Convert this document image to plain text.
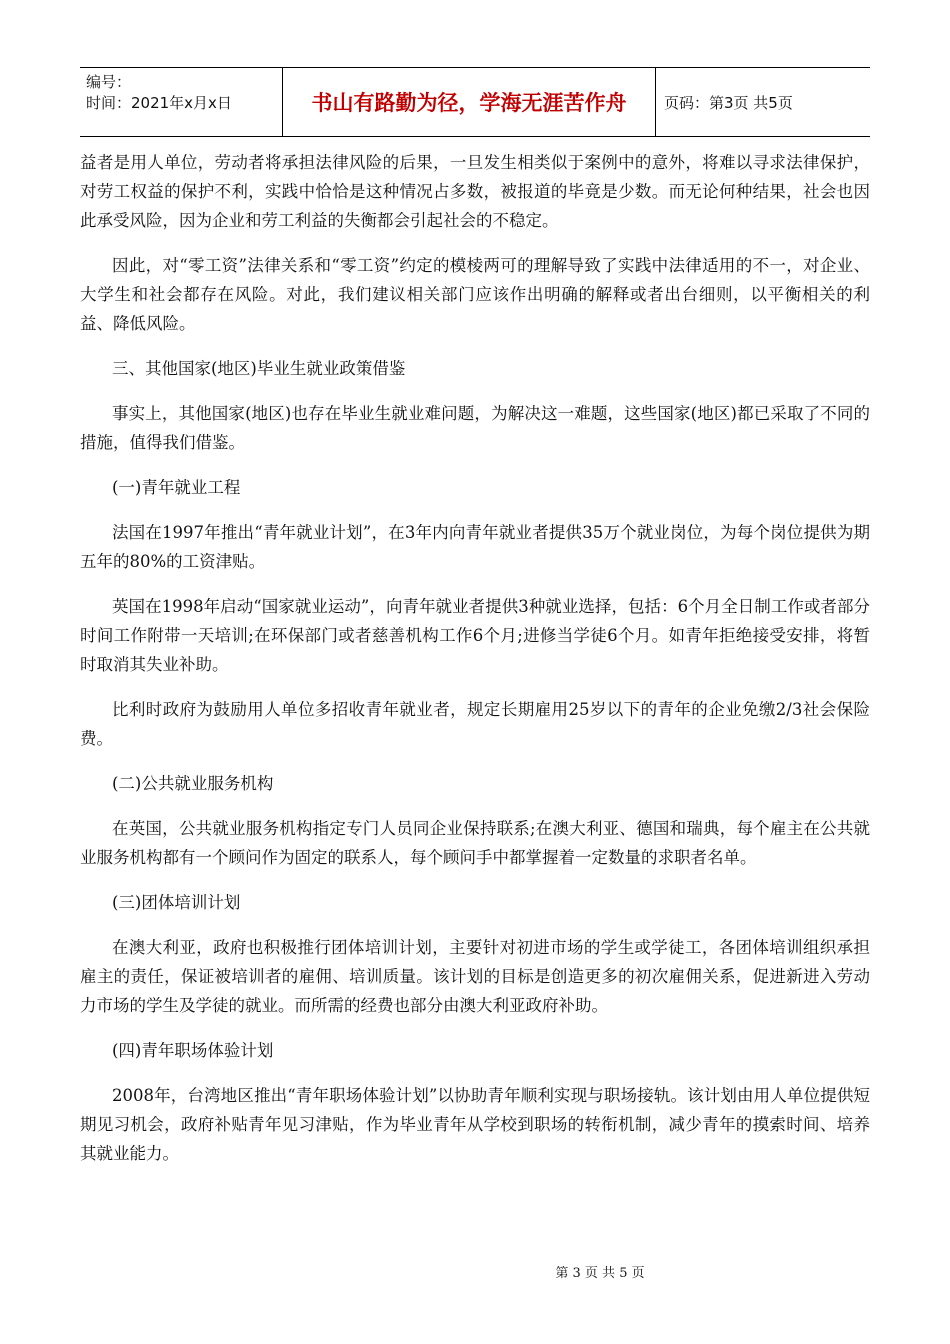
编号：
时间：2021年x月x日	书山有路勤为径，学海无涯苦作舟	页码：第3页 共5页

益者是用人单位，劳动者将承担法律风险的后果，一旦发生相类似于案例中的意外，将难以寻求法律保护，对劳工权益的保护不利，实践中恰恰是这种情况占多数，被报道的毕竟是少数。而无论何种结果，社会也因此承受风险，因为企业和劳工利益的失衡都会引起社会的不稳定。

因此，对“零工资”法律关系和“零工资”约定的模棱两可的理解导致了实践中法律适用的不一，对企业、大学生和社会都存在风险。对此，我们建议相关部门应该作出明确的解释或者出台细则，以平衡相关的利益、降低风险。

三、其他国家(地区)毕业生就业政策借鉴

事实上，其他国家(地区)也存在毕业生就业难问题，为解决这一难题，这些国家(地区)都已采取了不同的措施，值得我们借鉴。

(一)青年就业工程

法国在1997年推出“青年就业计划”，在3年内向青年就业者提供35万个就业岗位，为每个岗位提供为期五年的80%的工资津贴。

英国在1998年启动“国家就业运动”，向青年就业者提供3种就业选择，包括：6个月全日制工作或者部分时间工作附带一天培训;在环保部门或者慈善机构工作6个月;进修当学徒6个月。如青年拒绝接受安排，将暂时取消其失业补助。

比利时政府为鼓励用人单位多招收青年就业者，规定长期雇用25岁以下的青年的企业免缴2/3社会保险费。

(二)公共就业服务机构

在英国，公共就业服务机构指定专门人员同企业保持联系;在澳大利亚、德国和瑞典，每个雇主在公共就业服务机构都有一个顾问作为固定的联系人，每个顾问手中都掌握着一定数量的求职者名单。

(三)团体培训计划

在澳大利亚，政府也积极推行团体培训计划，主要针对初进市场的学生或学徒工，各团体培训组织承担雇主的责任，保证被培训者的雇佣、培训质量。该计划的目标是创造更多的初次雇佣关系，促进新进入劳动力市场的学生及学徒的就业。而所需的经费也部分由澳大利亚政府补助。

(四)青年职场体验计划

2008年，台湾地区推出“青年职场体验计划”以协助青年顺利实现与职场接轨。该计划由用人单位提供短期见习机会，政府补贴青年见习津贴，作为毕业青年从学校到职场的转衔机制，减少青年的摸索时间、培养其就业能力。

第 3 页 共 5 页
